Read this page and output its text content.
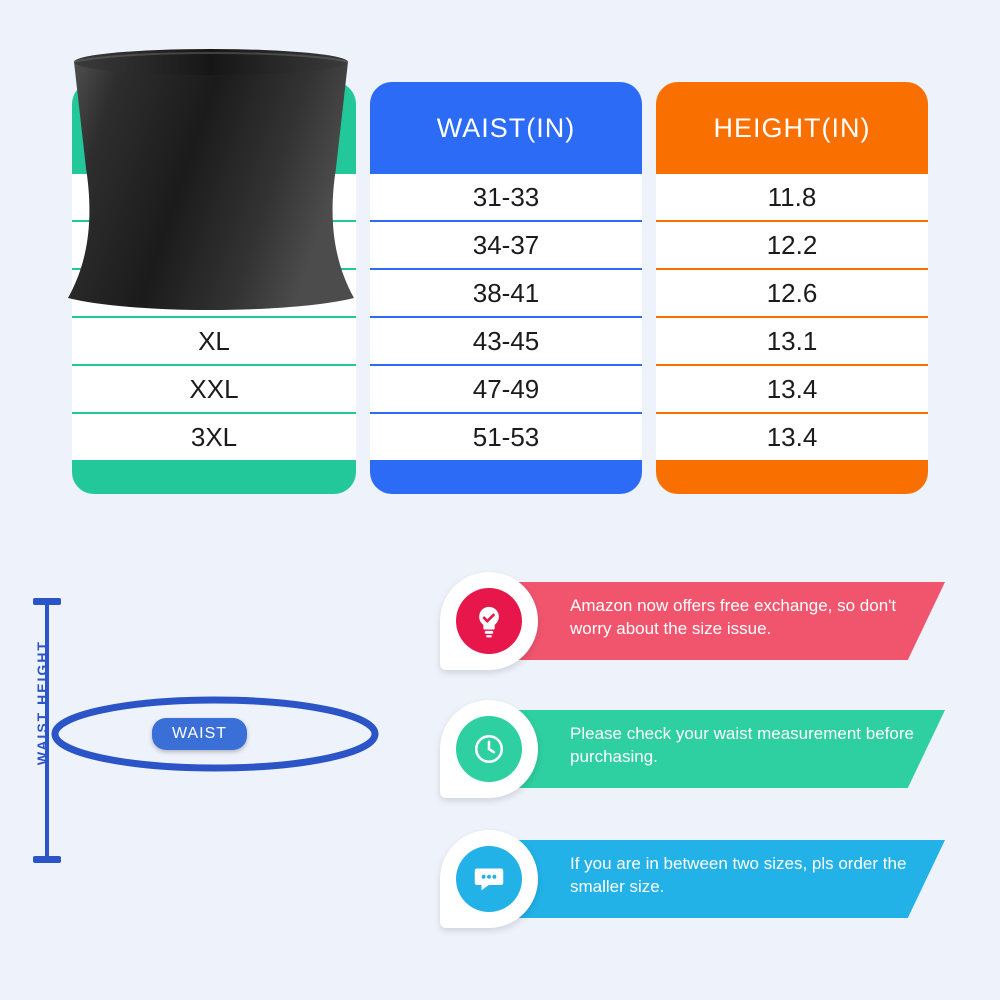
XL
XXL
3XL
WAIST(IN)
31-33
34-37
38-41
43-45
47-49
51-53
HEIGHT(IN)
11.8
12.2
12.6
13.1
13.4
13.4
WAIST HEIGHT	WAIST
Amazon now offers free exchange, so don't worry about the size issue.
Please check your waist measurement before purchasing.
If you are in between two sizes, pls order the smaller size.
